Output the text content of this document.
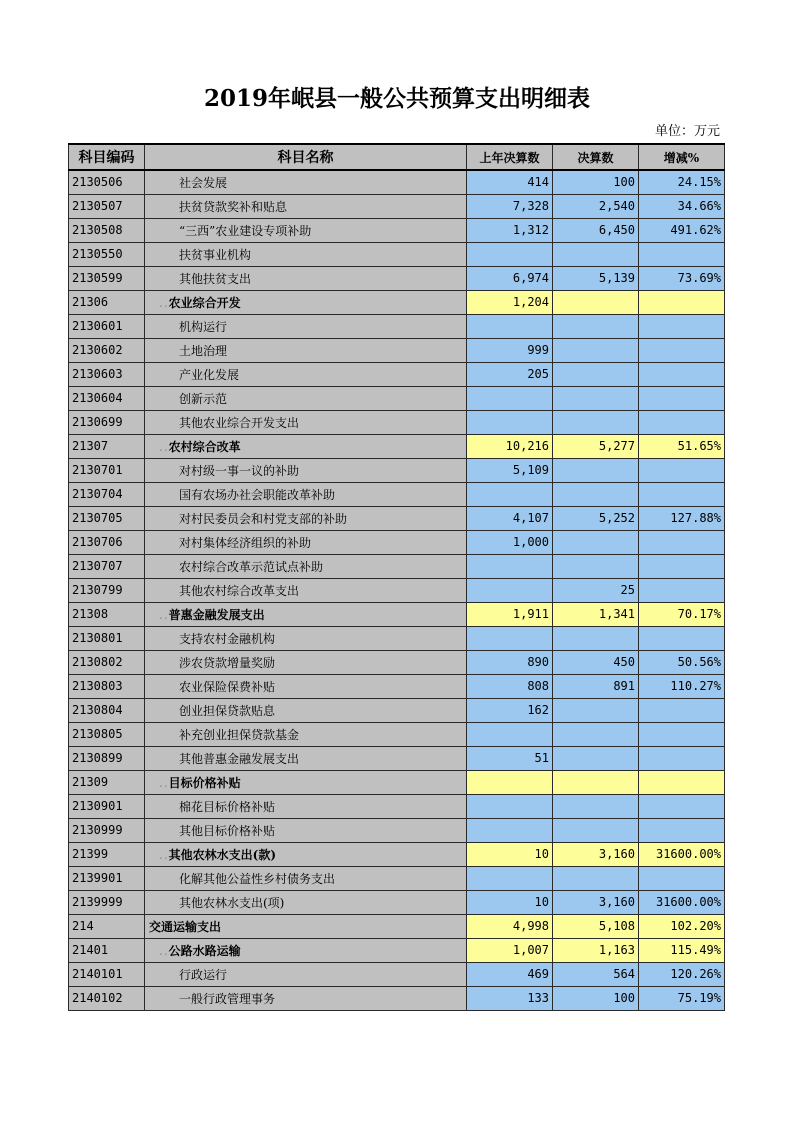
2019年岷县一般公共预算支出明细表
单位：万元
科目编码	科目名称	上年决算数	决算数	增减%
2130506	社会发展	414	100	24.15%
2130507	扶贫贷款奖补和贴息	7,328	2,540	34.66%
2130508	“三西”农业建设专项补助	1,312	6,450	491.62%
2130550	扶贫事业机构			
2130599	其他扶贫支出	6,974	5,139	73.69%
21306	..农业综合开发	1,204		
2130601	机构运行			
2130602	土地治理	999		
2130603	产业化发展	205		
2130604	创新示范			
2130699	其他农业综合开发支出			
21307	..农村综合改革	10,216	5,277	51.65%
2130701	对村级一事一议的补助	5,109		
2130704	国有农场办社会职能改革补助			
2130705	对村民委员会和村党支部的补助	4,107	5,252	127.88%
2130706	对村集体经济组织的补助	1,000		
2130707	农村综合改革示范试点补助			
2130799	其他农村综合改革支出		25	
21308	..普惠金融发展支出	1,911	1,341	70.17%
2130801	支持农村金融机构			
2130802	涉农贷款增量奖励	890	450	50.56%
2130803	农业保险保费补贴	808	891	110.27%
2130804	创业担保贷款贴息	162		
2130805	补充创业担保贷款基金			
2130899	其他普惠金融发展支出	51		
21309	..目标价格补贴			
2130901	棉花目标价格补贴			
2130999	其他目标价格补贴			
21399	..其他农林水支出(款)	10	3,160	31600.00%
2139901	化解其他公益性乡村债务支出			
2139999	其他农林水支出(项)	10	3,160	31600.00%
214	交通运输支出	4,998	5,108	102.20%
21401	..公路水路运输	1,007	1,163	115.49%
2140101	行政运行	469	564	120.26%
2140102	一般行政管理事务	133	100	75.19%
